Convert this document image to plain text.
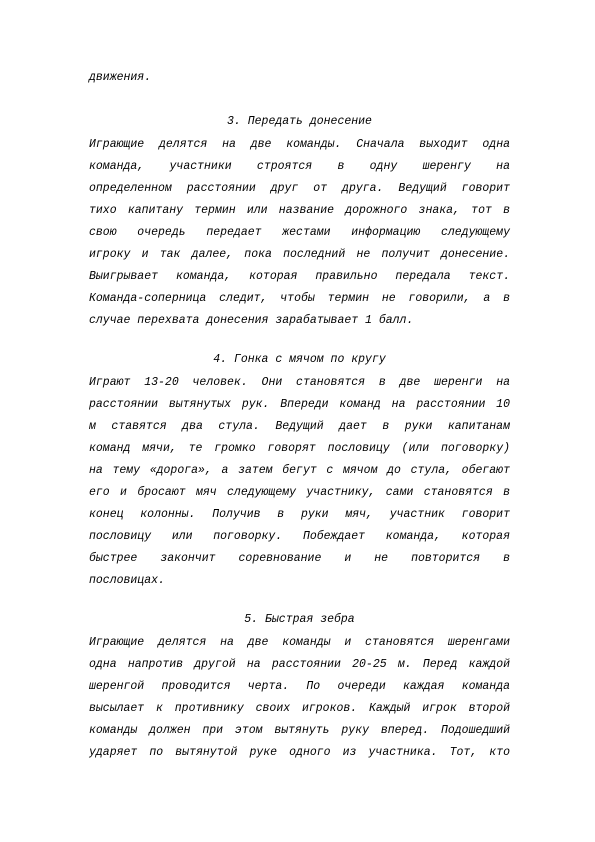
движения.
3. Передать донесение
Играющие делятся на две команды. Сначала выходит одна
команда, участники строятся в одну шеренгу на
определенном расстоянии друг от друга. Ведущий говорит
тихо капитану термин или название дорожного знака, тот в
свою очередь передает жестами информацию следующему
игроку и так далее, пока последний не получит донесение.
Выигрывает команда, которая правильно передала текст.
Команда-соперница следит, чтобы термин не говорили, а в
случае перехвата донесения зарабатывает 1 балл.
4. Гонка с мячом по кругу
Играют 13-20 человек. Они становятся в две шеренги на
расстоянии вытянутых рук. Впереди команд на расстоянии 10
м ставятся два стула. Ведущий дает в руки капитанам
команд мячи, те громко говорят пословицу (или поговорку)
на тему «дорога», а затем бегут с мячом до стула, обегают
его и бросают мяч следующему участнику, сами становятся в
конец колонны. Получив в руки мяч, участник говорит
пословицу или поговорку. Побеждает команда, которая
быстрее закончит соревнование и не повторится в
пословицах.
5. Быстрая зебра
Играющие делятся на две команды и становятся шеренгами
одна напротив другой на расстоянии 20-25 м. Перед каждой
шеренгой проводится черта. По очереди каждая команда
высылает к противнику своих игроков. Каждый игрок второй
команды должен при этом вытянуть руку вперед. Подошедший
ударяет по вытянутой руке одного из участника. Тот, кто
